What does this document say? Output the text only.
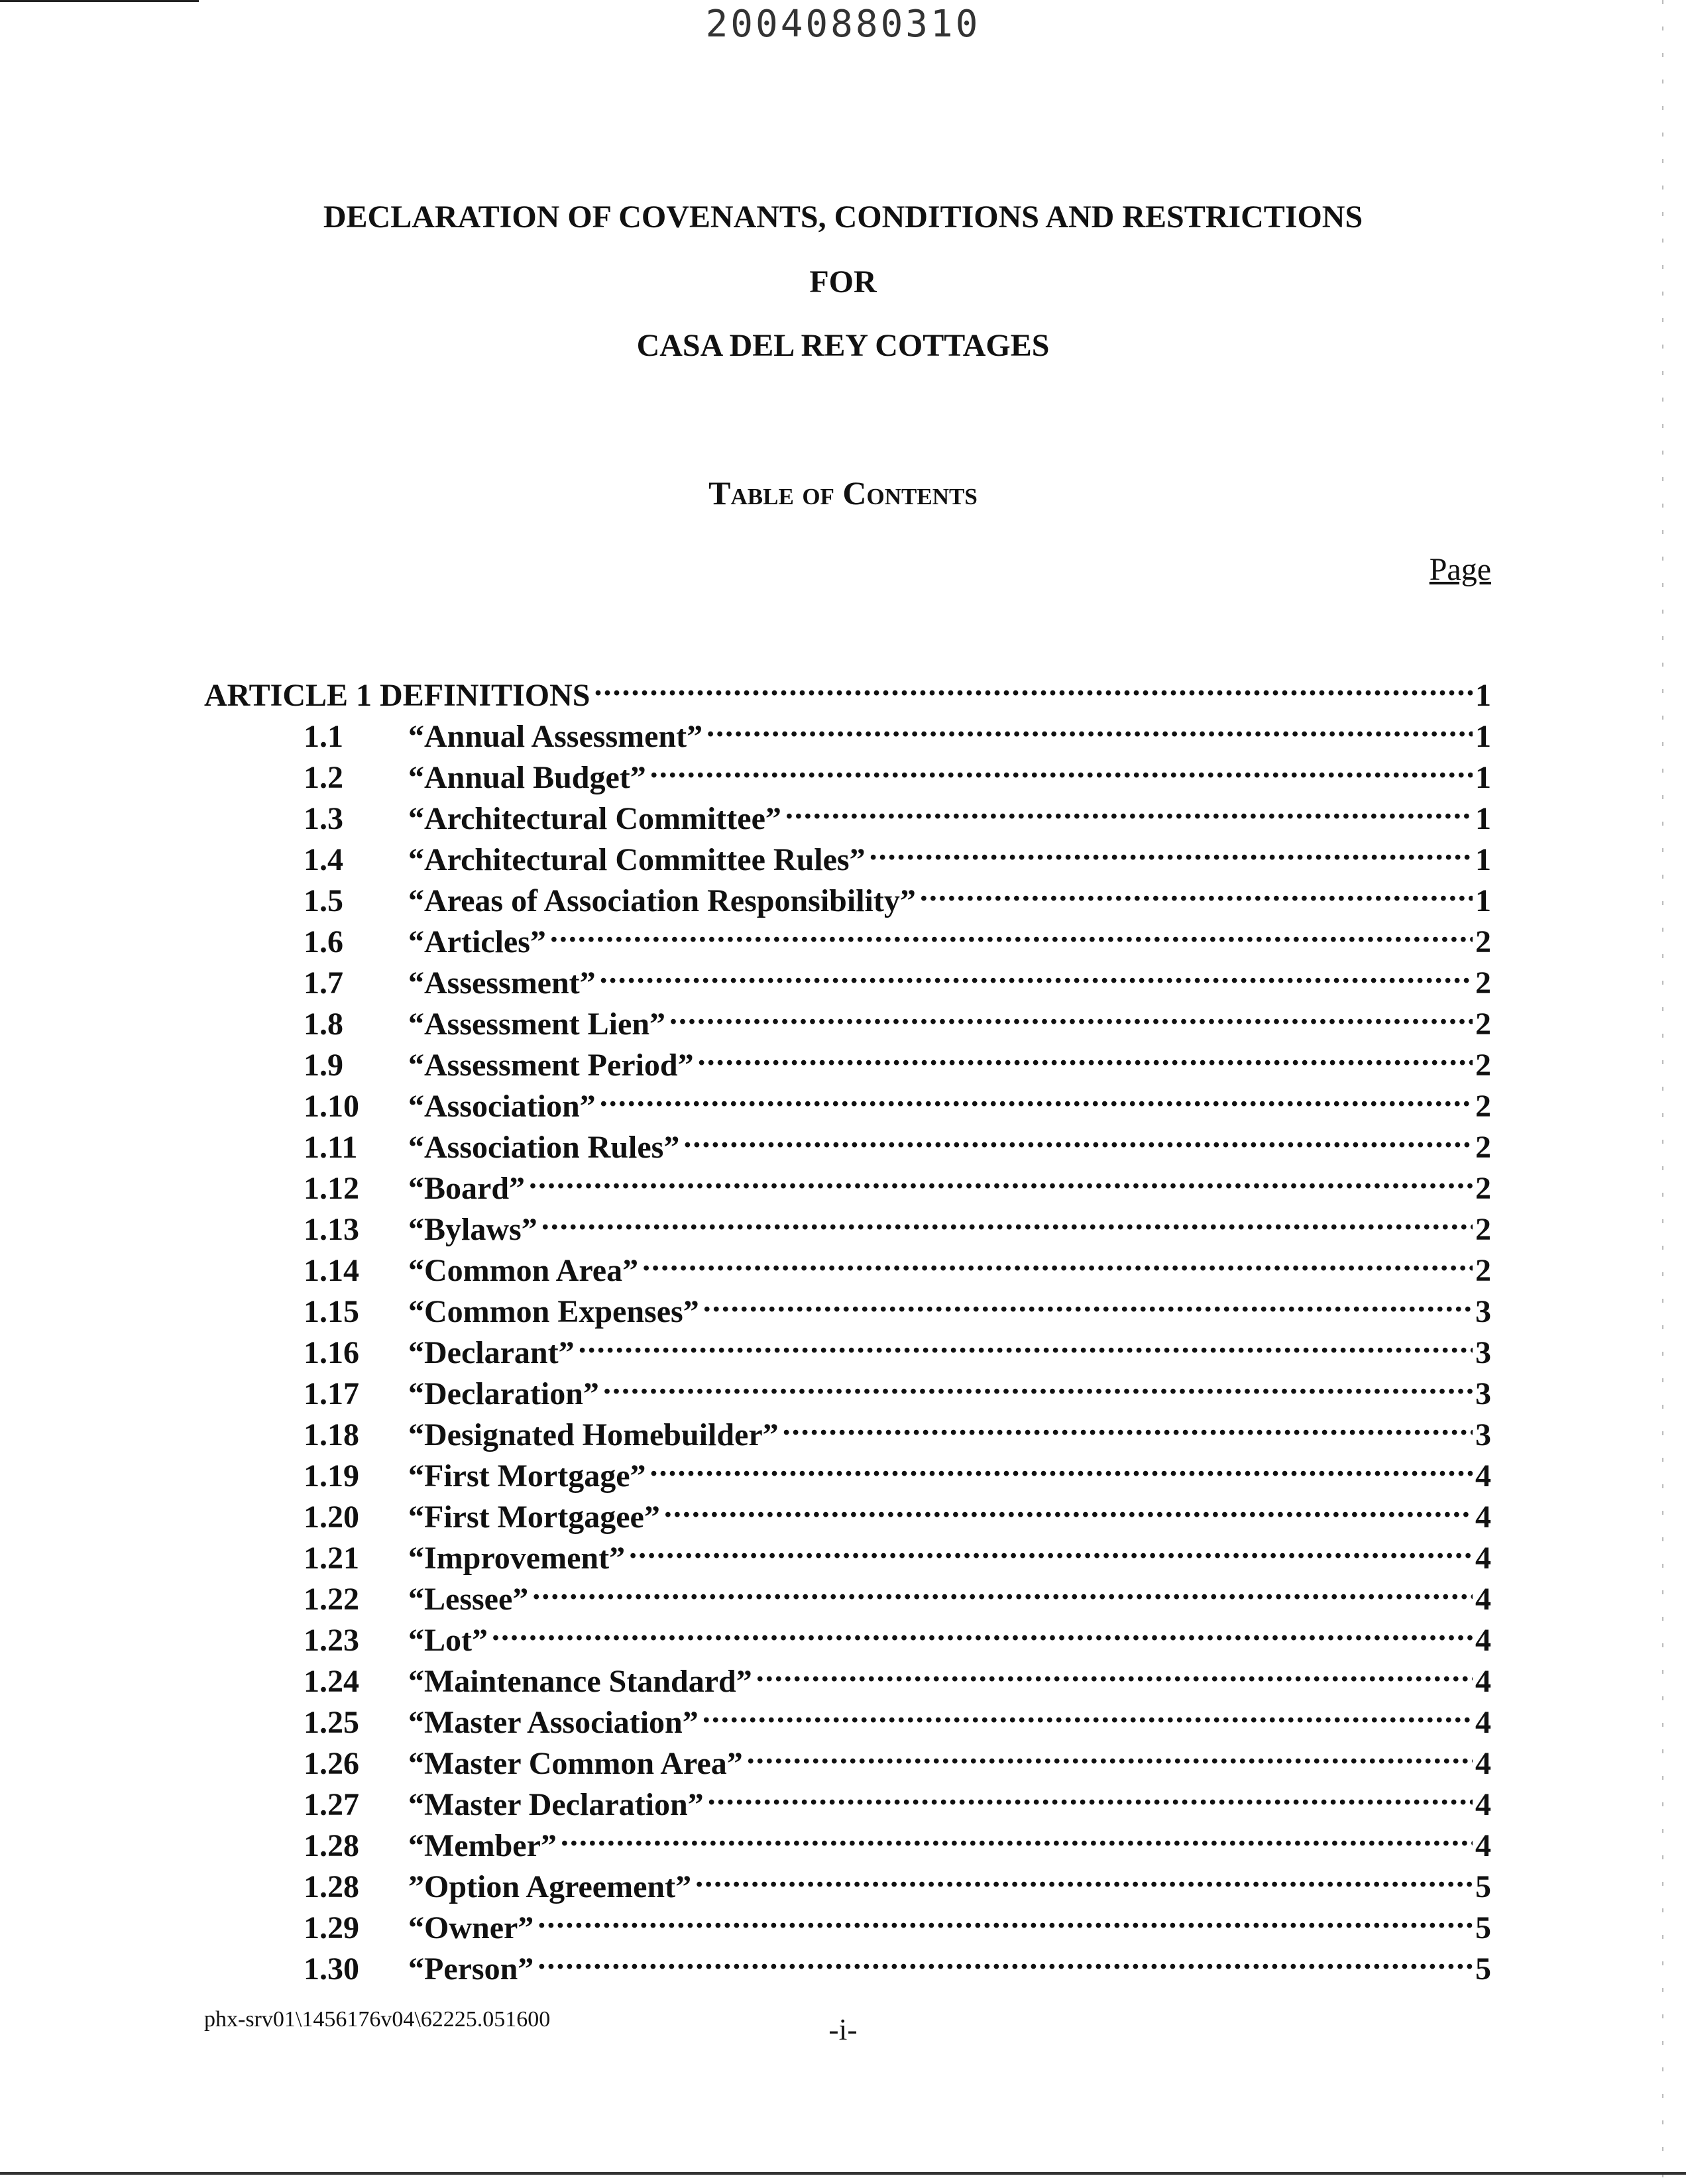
20040880310
DECLARATION OF COVENANTS, CONDITIONS AND RESTRICTIONS
FOR
CASA DEL REY COTTAGES
Table of Contents
Page
ARTICLE 1 DEFINITIONS .....	1
1.1	“Annual Assessment” .....	1
1.2	“Annual Budget” .....	1
1.3	“Architectural Committee” .....	1
1.4	“Architectural Committee Rules” .....	1
1.5	“Areas of Association Responsibility” .....	1
1.6	“Articles” .....	2
1.7	“Assessment” .....	2
1.8	“Assessment Lien” .....	2
1.9	“Assessment Period” .....	2
1.10	“Association” .....	2
1.11	“Association Rules” .....	2
1.12	“Board” .....	2
1.13	“Bylaws” .....	2
1.14	“Common Area” .....	2
1.15	“Common Expenses” .....	3
1.16	“Declarant” .....	3
1.17	“Declaration” .....	3
1.18	“Designated Homebuilder” .....	3
1.19	“First Mortgage” .....	4
1.20	“First Mortgagee” .....	4
1.21	“Improvement” .....	4
1.22	“Lessee” .....	4
1.23	“Lot” .....	4
1.24	“Maintenance Standard” .....	4
1.25	“Master Association” .....	4
1.26	“Master Common Area” .....	4
1.27	“Master Declaration” .....	4
1.28	“Member” .....	4
1.28	”Option Agreement” .....	5
1.29	“Owner” .....	5
1.30	“Person” .....	5
phx-srv01\1456176v04\62225.051600	-i-
